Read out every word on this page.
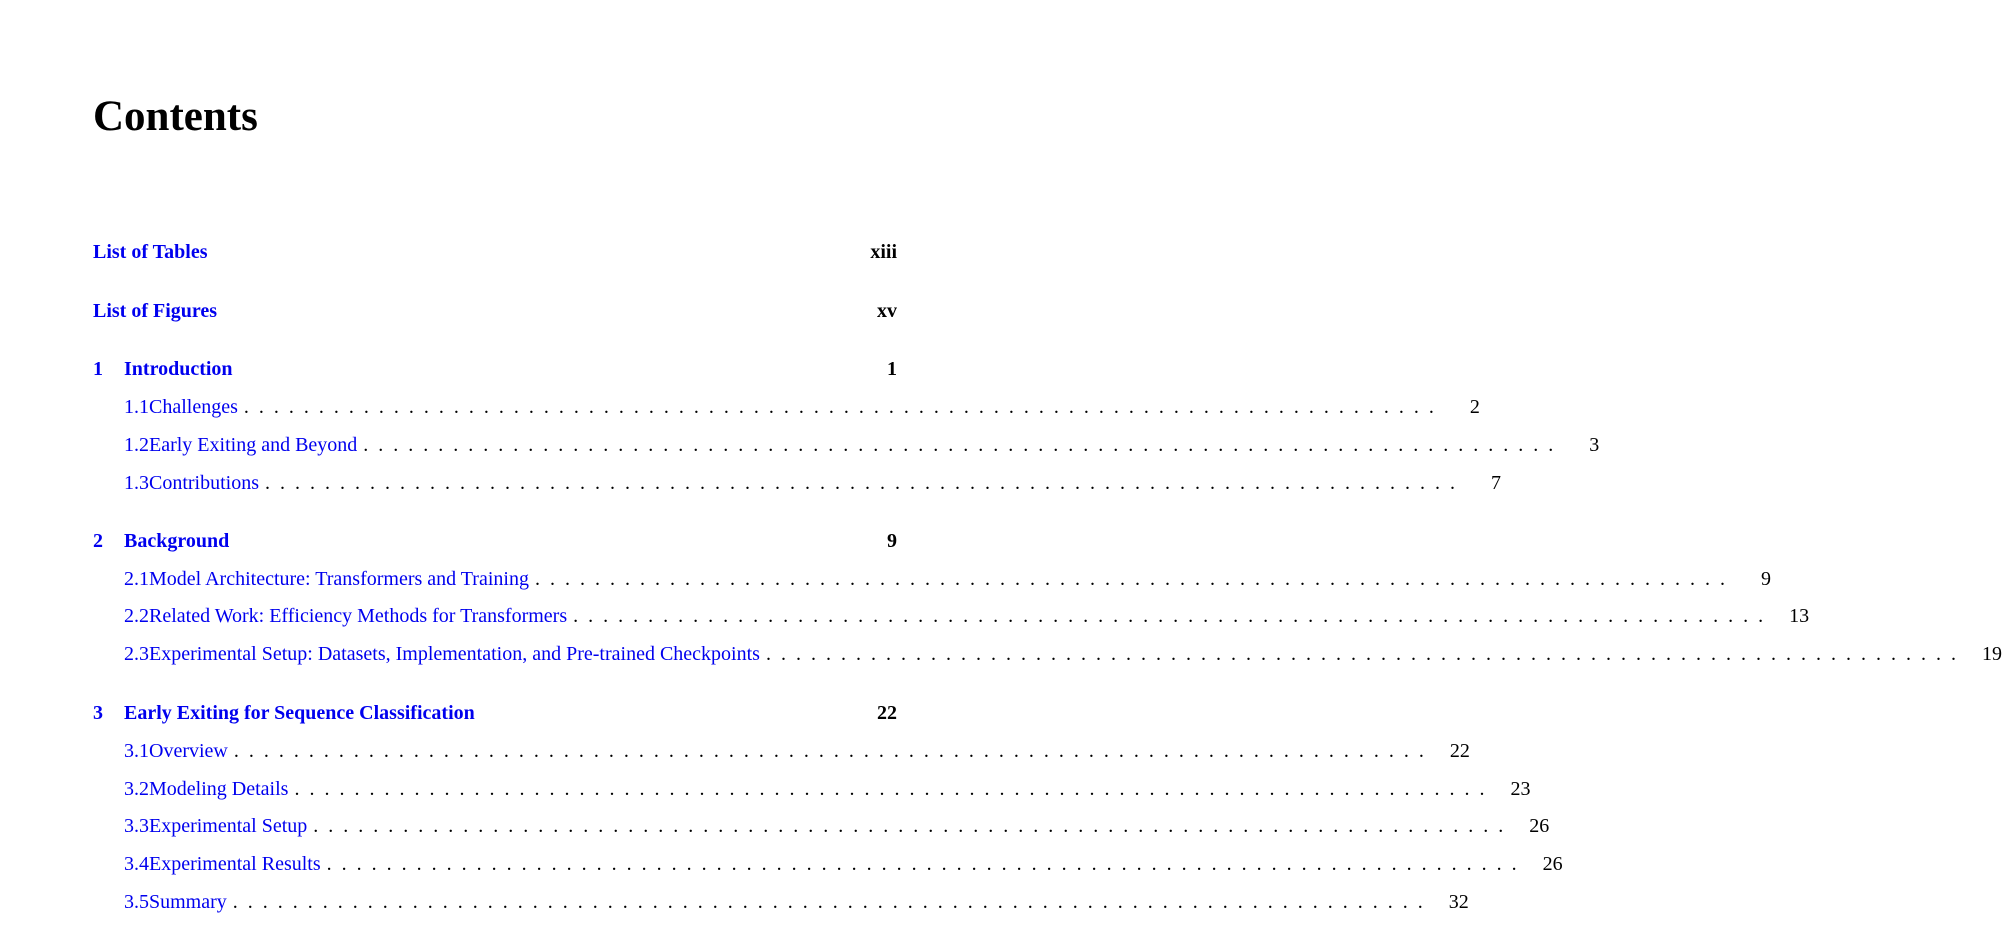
Contents
List of Tables	xiii
List of Figures	xv
1	Introduction	1
1.1 Challenges . . . . . . . . . . . . . . . . . . . . . . . . . . . . . . . . . . . . . . . . . . . . . . . . . . . . . . . . . . . . . . . . . . . . . . . . . . . . . . . .	2
1.2 Early Exiting and Beyond . . . . . . . . . . . . . . . . . . . . . . . . . . . . . . . . . . . . . . . . . . . . . . . . . . . . . . . . . . . . . . . . . . . . . . . . . . . . . . . .	3
1.3 Contributions . . . . . . . . . . . . . . . . . . . . . . . . . . . . . . . . . . . . . . . . . . . . . . . . . . . . . . . . . . . . . . . . . . . . . . . . . . . . . . . .	7
2	Background	9
2.1 Model Architecture: Transformers and Training . . . . . . . . . . . . . . . . . . . . . . . . . . . . . . . . . . . . . . . . . . . . . . . . . . . . . . . . . . . . . . . . . . . . . . . . . . . . . . . .	9
2.2 Related Work: Efficiency Methods for Transformers . . . . . . . . . . . . . . . . . . . . . . . . . . . . . . . . . . . . . . . . . . . . . . . . . . . . . . . . . . . . . . . . . . . . . . . . . . . . . . . .	13
2.3 Experimental Setup: Datasets, Implementation, and Pre-trained Checkpoints . . . . . . . . . . . . . . . . . . . . . . . . . . . . . . . . . . . . . . . . . . . . . . . . . . . . . . . . . . . . . . . . . . . . . . . . . . . . . . . .	19
3	Early Exiting for Sequence Classification	22
3.1 Overview . . . . . . . . . . . . . . . . . . . . . . . . . . . . . . . . . . . . . . . . . . . . . . . . . . . . . . . . . . . . . . . . . . . . . . . . . . . . . . . .	22
3.2 Modeling Details . . . . . . . . . . . . . . . . . . . . . . . . . . . . . . . . . . . . . . . . . . . . . . . . . . . . . . . . . . . . . . . . . . . . . . . . . . . . . . . .	23
3.3 Experimental Setup . . . . . . . . . . . . . . . . . . . . . . . . . . . . . . . . . . . . . . . . . . . . . . . . . . . . . . . . . . . . . . . . . . . . . . . . . . . . . . . .	26
3.4 Experimental Results . . . . . . . . . . . . . . . . . . . . . . . . . . . . . . . . . . . . . . . . . . . . . . . . . . . . . . . . . . . . . . . . . . . . . . . . . . . . . . . .	26
3.5 Summary . . . . . . . . . . . . . . . . . . . . . . . . . . . . . . . . . . . . . . . . . . . . . . . . . . . . . . . . . . . . . . . . . . . . . . . . . . . . . . . .	32
